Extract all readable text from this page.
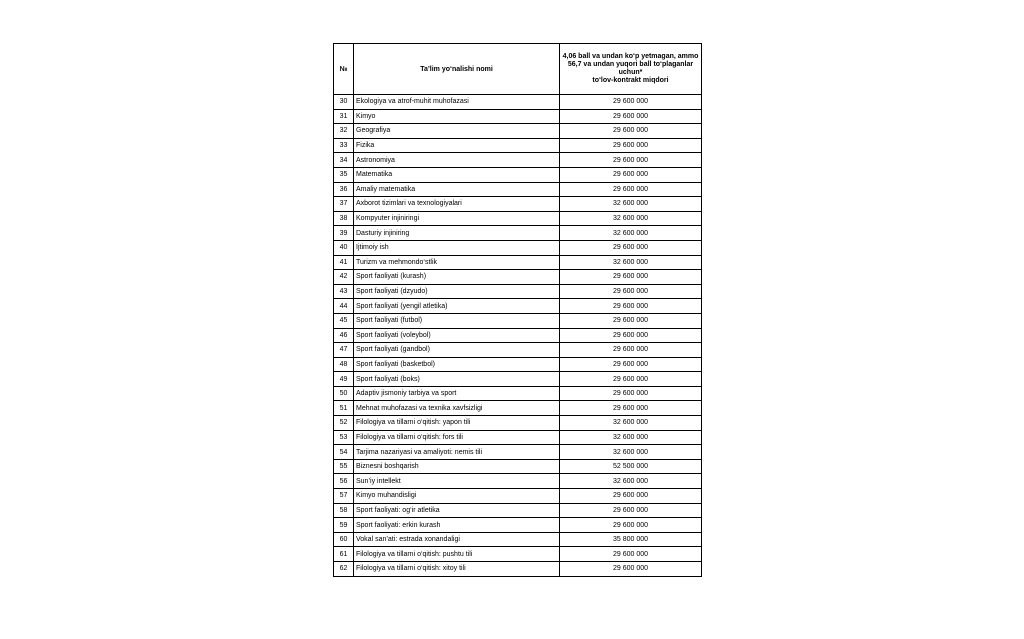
№	Ta’lim yo‘nalishi nomi	4,06 ball va undan ko‘p yetmagan, ammo 56,7 va undan yuqori ball to‘plaganlar uchun*
to‘lov-kontrakt miqdori
30	Ekologiya va atrof-muhit muhofazasi	29 600 000
31	Kimyo	29 600 000
32	Geografiya	29 600 000
33	Fizika	29 600 000
34	Astronomiya	29 600 000
35	Matematika	29 600 000
36	Amaliy matematika	29 600 000
37	Axborot tizimlari va texnologiyalari	32 600 000
38	Kompyuter injiniringi	32 600 000
39	Dasturiy injiniring	32 600 000
40	Ijtimoiy ish	29 600 000
41	Turizm va mehmondo‘stlik	32 600 000
42	Sport faoliyati (kurash)	29 600 000
43	Sport faoliyati (dzyudo)	29 600 000
44	Sport faoliyati (yengil atletika)	29 600 000
45	Sport faoliyati (futbol)	29 600 000
46	Sport faoliyati (voleybol)	29 600 000
47	Sport faoliyati (gandbol)	29 600 000
48	Sport faoliyati (basketbol)	29 600 000
49	Sport faoliyati (boks)	29 600 000
50	Adaptiv jismoniy tarbiya va sport	29 600 000
51	Mehnat muhofazasi va texnika xavfsizligi	29 600 000
52	Filologiya va tillarni o‘qitish: yapon tili	32 600 000
53	Filologiya va tillarni o‘qitish: fors tili	32 600 000
54	Tarjima nazariyasi va amaliyoti: nemis tili	32 600 000
55	Biznesni boshqarish	52 500 000
56	Sun’iy intellekt	32 600 000
57	Kimyo muhandisligi	29 600 000
58	Sport faoliyati: og‘ir atletika	29 600 000
59	Sport faoliyati: erkin kurash	29 600 000
60	Vokal san’ati: estrada xonandaligi	35 800 000
61	Filologiya va tillarni o‘qitish: pushtu tili	29 600 000
62	Filologiya va tillarni o‘qitish: xitoy tili	29 600 000
